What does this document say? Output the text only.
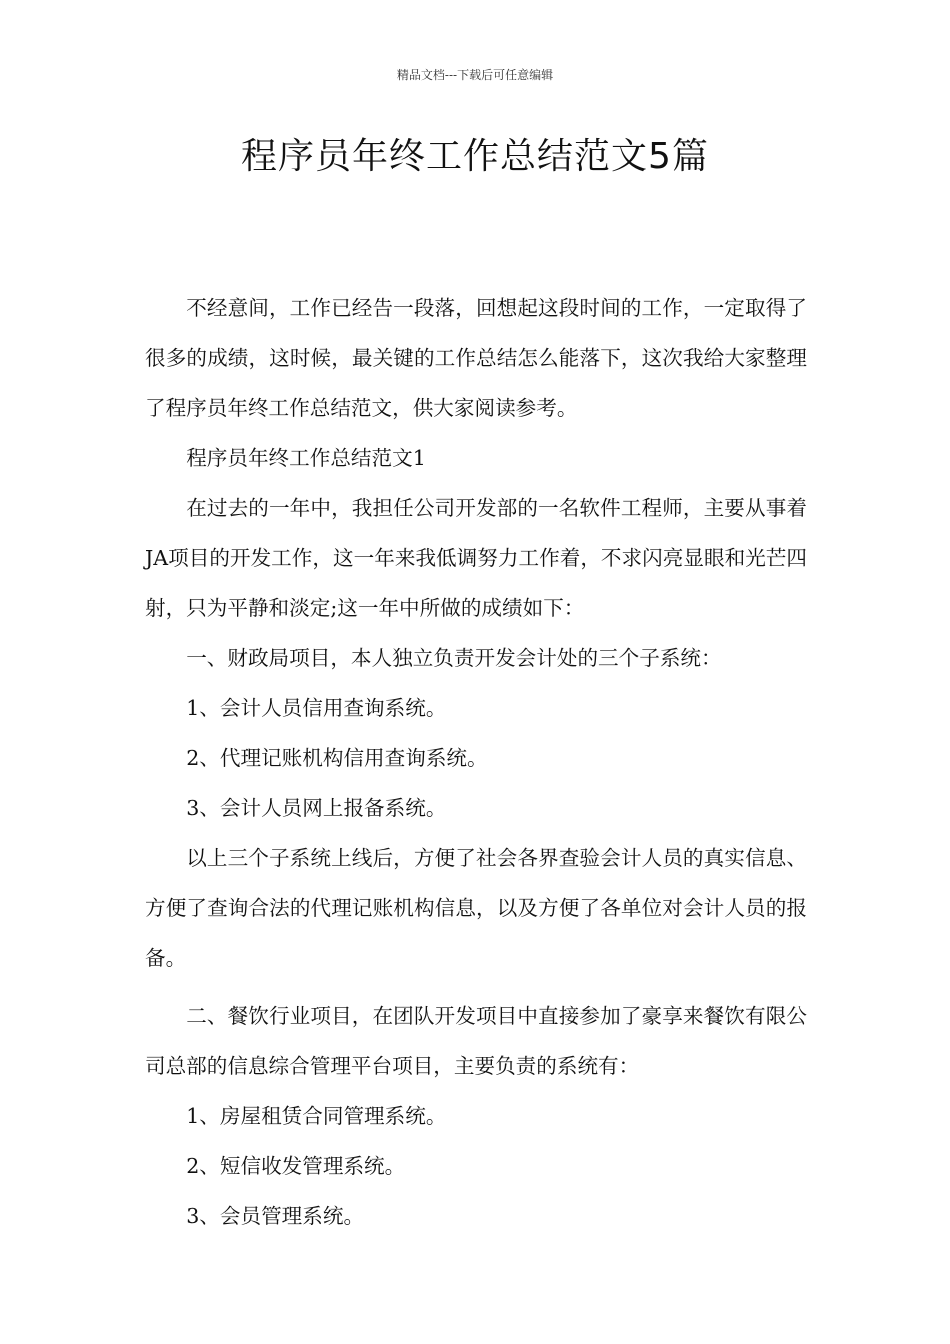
精品文档---下载后可任意编辑
程序员年终工作总结范文5篇

不经意间，工作已经告一段落，回想起这段时间的工作，一定取得了很多的成绩，这时候，最关键的工作总结怎么能落下，这次我给大家整理了程序员年终工作总结范文，供大家阅读参考。

程序员年终工作总结范文1

在过去的一年中，我担任公司开发部的一名软件工程师，主要从事着JA项目的开发工作，这一年来我低调努力工作着，不求闪亮显眼和光芒四射，只为平静和淡定;这一年中所做的成绩如下：

一、财政局项目，本人独立负责开发会计处的三个子系统：

1、会计人员信用查询系统。

2、代理记账机构信用查询系统。

3、会计人员网上报备系统。

以上三个子系统上线后，方便了社会各界查验会计人员的真实信息、方便了查询合法的代理记账机构信息，以及方便了各单位对会计人员的报备。

二、餐饮行业项目，在团队开发项目中直接参加了豪享来餐饮有限公司总部的信息综合管理平台项目，主要负责的系统有：

1、房屋租赁合同管理系统。

2、短信收发管理系统。

3、会员管理系统。
